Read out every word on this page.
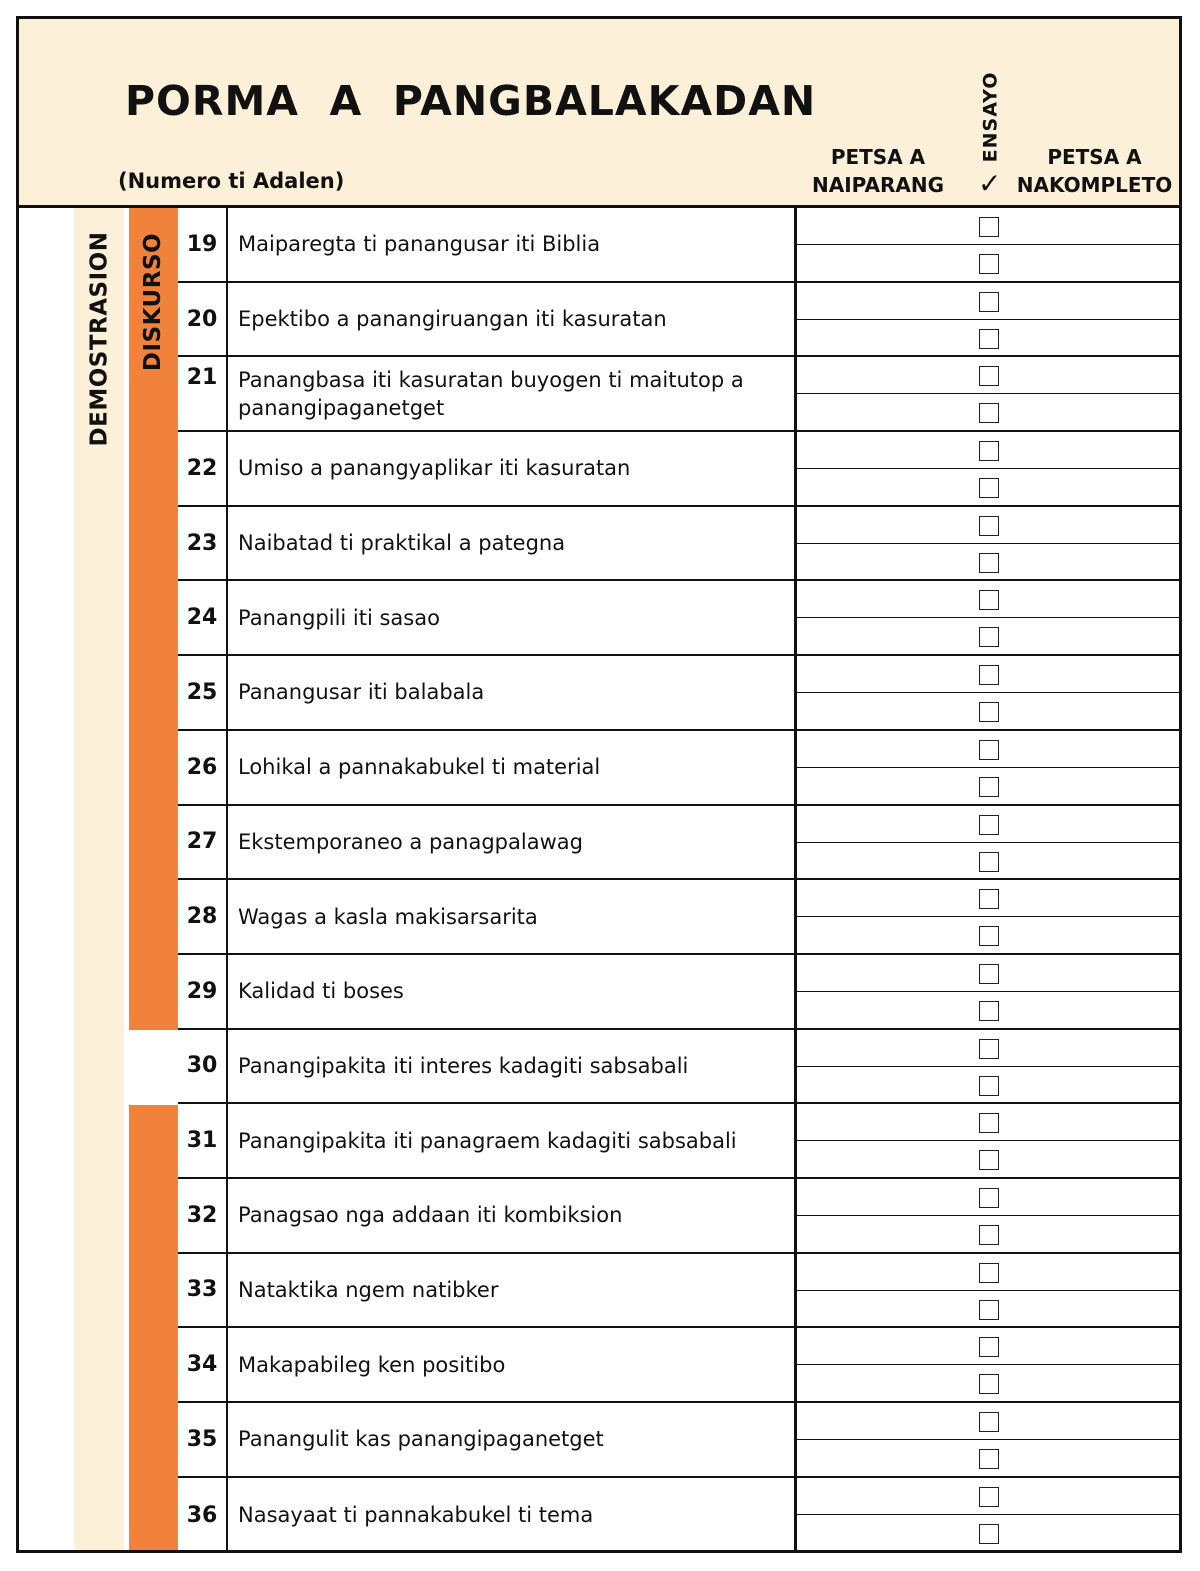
PORMA  A  PANGBALAKADAN
(Numero ti Adalen)
PETSA A
NAIPARANG
ENSAYO
✓
PETSA A
NAKOMPLETO
DEMOSTRASION DISKURSO 19 Maiparegta ti panangusar iti Biblia
20 Epektibo a panangiruangan iti kasuratan
21 Panangbasa iti kasuratan buyogen ti maitutop a panangipaganetget
22 Umiso a panangyaplikar iti kasuratan
23 Naibatad ti praktikal a pategna
24 Panangpili iti sasao
25 Panangusar iti balabala
26 Lohikal a pannakabukel ti material
27 Ekstemporaneo a panagpalawag
28 Wagas a kasla makisarsarita
29 Kalidad ti boses
30 Panangipakita iti interes kadagiti sabsabali
31 Panangipakita iti panagraem kadagiti sabsabali
32 Panagsao nga addaan iti kombiksion
33 Nataktika ngem natibker
34 Makapabileg ken positibo
35 Panangulit kas panangipaganetget
36 Nasayaat ti pannakabukel ti tema
